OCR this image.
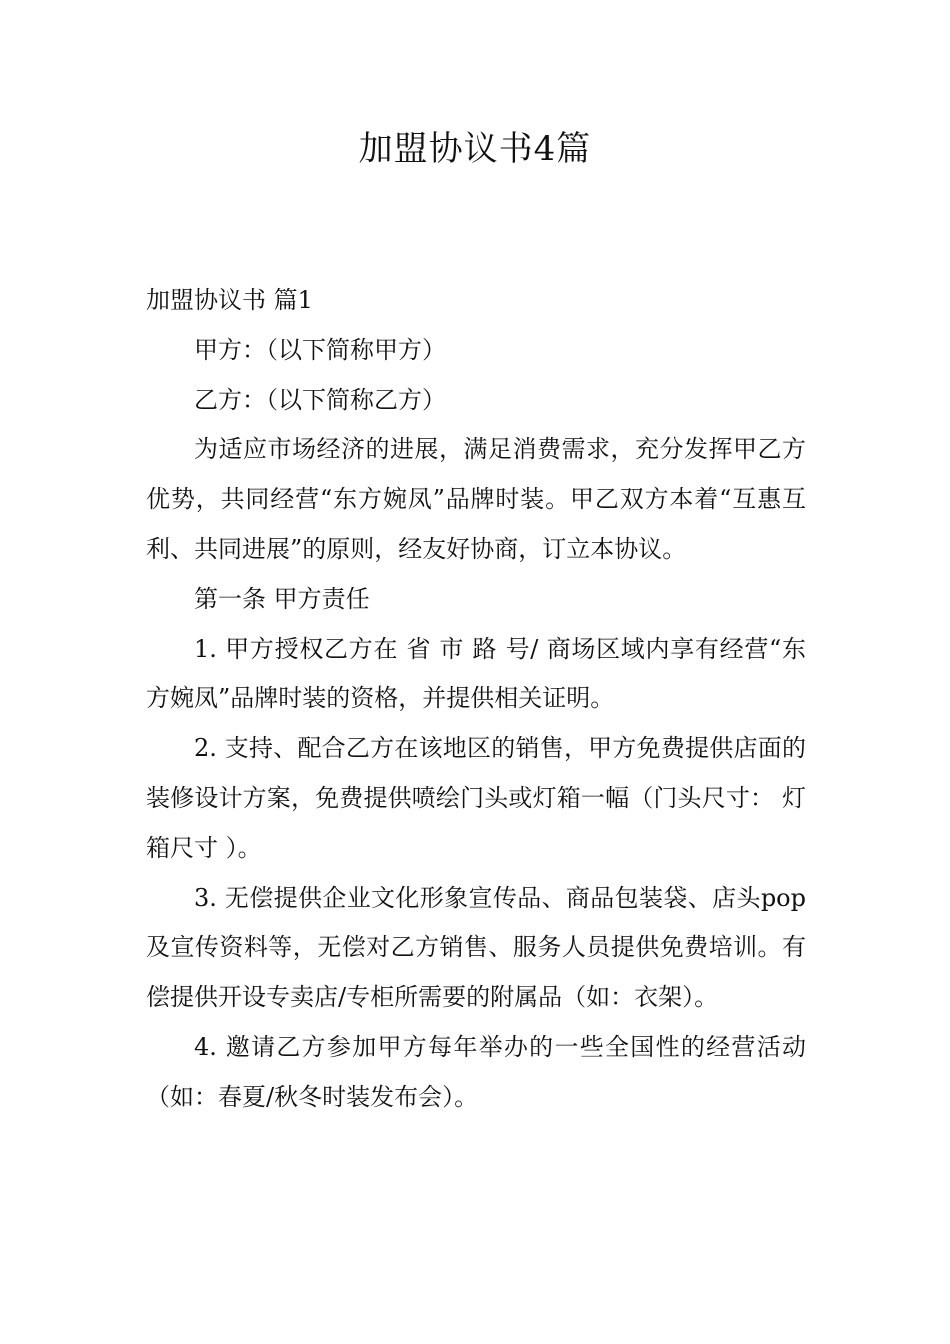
加盟协议书4篇

加盟协议书 篇1

甲方：（以下简称甲方）

乙方：（以下简称乙方）

为适应市场经济的进展，满足消费需求，充分发挥甲乙方优势，共同经营“东方婉凤”品牌时装。甲乙双方本着“互惠互利、共同进展”的原则，经友好协商，订立本协议。

第一条 甲方责任

1. 甲方授权乙方在 省 市 路 号/ 商场区域内享有经营“东方婉凤”品牌时装的资格，并提供相关证明。

2. 支持、配合乙方在该地区的销售，甲方免费提供店面的装修设计方案，免费提供喷绘门头或灯箱一幅（门头尺寸： 灯箱尺寸 ）。

3. 无偿提供企业文化形象宣传品、商品包装袋、店头pop及宣传资料等，无偿对乙方销售、服务人员提供免费培训。有偿提供开设专卖店/专柜所需要的附属品（如：衣架）。

4. 邀请乙方参加甲方每年举办的一些全国性的经营活动（如：春夏/秋冬时装发布会）。
